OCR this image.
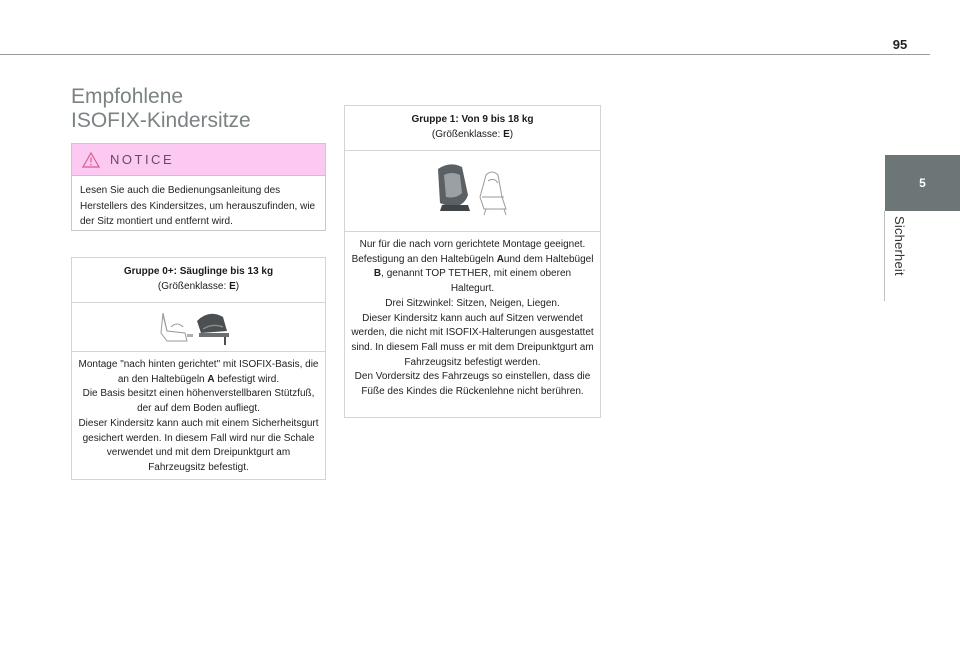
95
5
Sicherheit
Empfohlene
ISOFIX-Kindersitze
NOTICE
Lesen Sie auch die Bedienungsanleitung des Herstellers des Kindersitzes, um herauszufinden, wie der Sitz montiert und entfernt wird.
Gruppe 0+: Säuglinge bis 13 kg
(Größenklasse: E)

Montage "nach hinten gerichtet" mit ISOFIX-Basis, die an den Haltebügeln A befestigt wird.

Die Basis besitzt einen höhenverstellbaren Stützfuß, der auf dem Boden aufliegt.

Dieser Kindersitz kann auch mit einem Sicherheitsgurt gesichert werden. In diesem Fall wird nur die Schale verwendet und mit dem Dreipunktgurt am Fahrzeugsitz befestigt.

Gruppe 1: Von 9 bis 18 kg
(Größenklasse: E)

Nur für die nach vorn gerichtete Montage geeignet. Befestigung an den Haltebügeln Aund dem Haltebügel B, genannt TOP TETHER, mit einem oberen Haltegurt.

Drei Sitzwinkel: Sitzen, Neigen, Liegen.

Dieser Kindersitz kann auch auf Sitzen verwendet werden, die nicht mit ISOFIX-Halterungen ausgestattet sind. In diesem Fall muss er mit dem Dreipunktgurt am Fahrzeugsitz befestigt werden.

Den Vordersitz des Fahrzeugs so einstellen, dass die Füße des Kindes die Rückenlehne nicht berühren.
